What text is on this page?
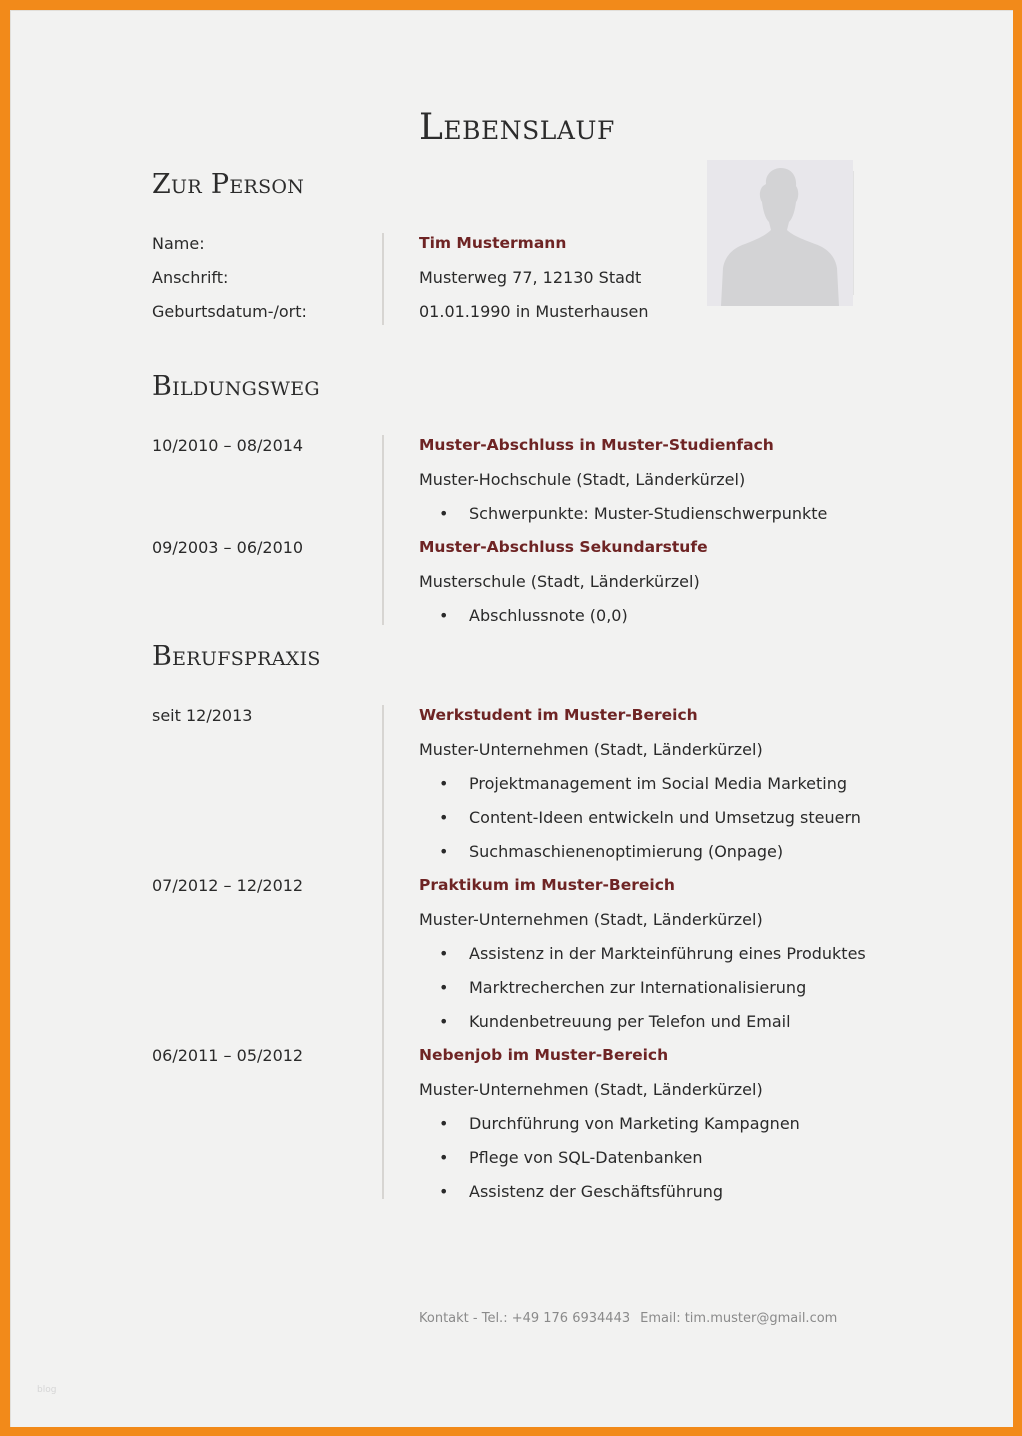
Lebenslauf
Zur Person
Bildungsweg
Berufspraxis
Name:	Tim Mustermann
Anschrift:	Musterweg 77, 12130 Stadt
Geburtsdatum-/ort:	01.01.1990 in Musterhausen
10/2010 – 08/2014	Muster-Abschluss in Muster-Studienfach
Muster-Hochschule (Stadt, Länderkürzel)
• Schwerpunkte: Muster-Studienschwerpunkte
09/2003 – 06/2010	Muster-Abschluss Sekundarstufe
Musterschule (Stadt, Länderkürzel)
• Abschlussnote (0,0)
seit 12/2013	Werkstudent im Muster-Bereich
Muster-Unternehmen (Stadt, Länderkürzel)
• Projektmanagement im Social Media Marketing
• Content-Ideen entwickeln und Umsetzug steuern
• Suchmaschienenoptimierung (Onpage)
07/2012 – 12/2012	Praktikum im Muster-Bereich
Muster-Unternehmen (Stadt, Länderkürzel)
• Assistenz in der Markteinführung eines Produktes
• Marktrecherchen zur Internationalisierung
• Kundenbetreuung per Telefon und Email
06/2011 – 05/2012	Nebenjob im Muster-Bereich
Muster-Unternehmen (Stadt, Länderkürzel)
• Durchführung von Marketing Kampagnen
• Pflege von SQL-Datenbanken
• Assistenz der Geschäftsführung
Kontakt - Tel.: +49 176 6934443 Email: tim.muster@gmail.com
blog
